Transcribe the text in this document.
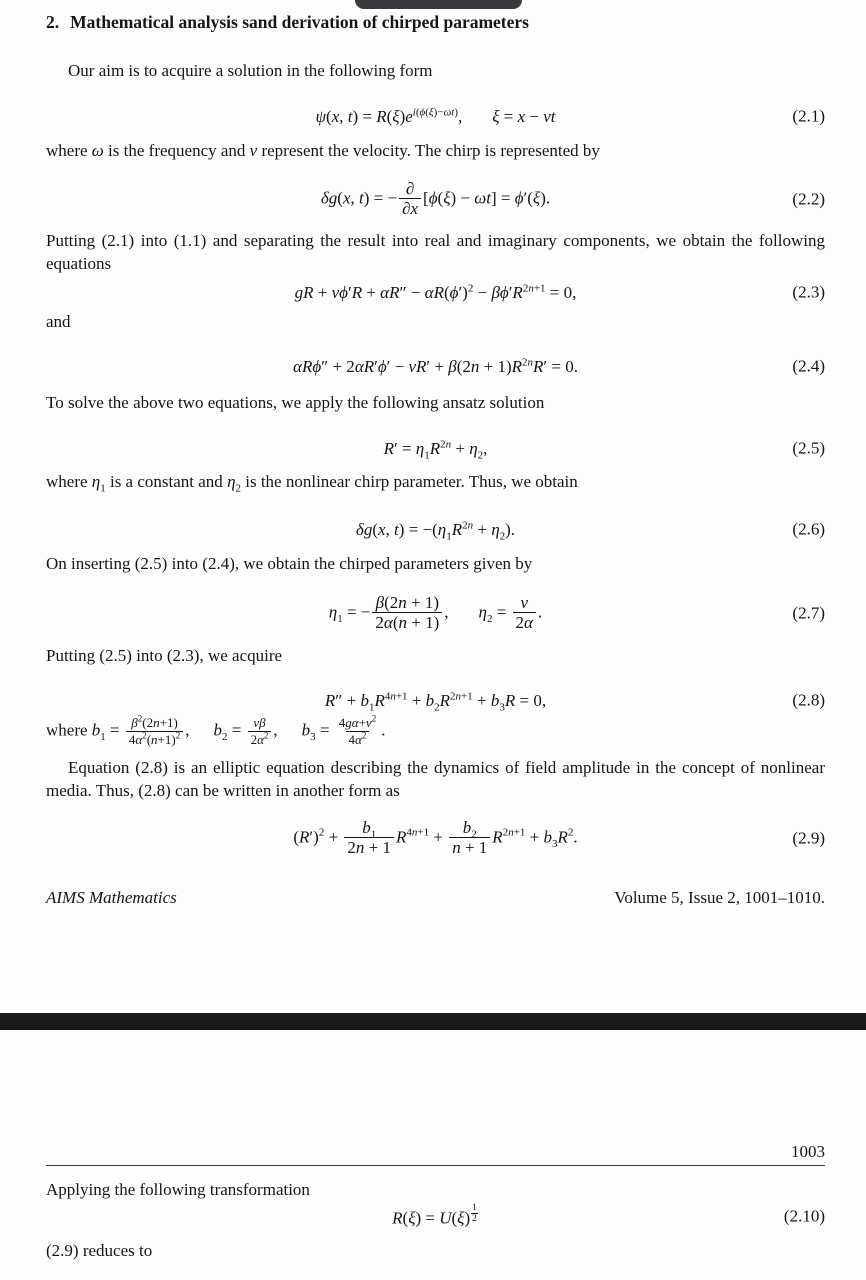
2. Mathematical analysis sand derivation of chirped parameters
Our aim is to acquire a solution in the following form
ψ(x, $t) = R(\xi)e^{i(\phi(\xi)-\omega t)}$, ξ = x − vt	(2.1)
where ω is the frequency and v represent the velocity. The chirp is represented by
δg(x, t) = − $\frac{\partial}{\partial x} [\phi(\xi) - \omega t] = \phi'(\xi)$.	(2.2)
Putting (2.1) into (1.1) and separating the result into real and imaginary components, we obtain the following equations
gR + $v\phi'R + \alpha R'' - \alpha R(\phi')^2 - \beta\phi'R^{2n+1} = 0$,	(2.3)
and
$\alpha R\phi'' + 2\alpha R'\phi' - vR' + \beta(2n + 1)R^{2n}R' = 0$.	(2.4)
To solve the above two equations, we apply the following ansatz solution
$R' = \eta_1R^{2n} + \eta_2$,	(2.5)
where $\eta_1$ is a constant and $\eta_2$ is the nonlinear chirp parameter. Thus, we obtain
δg(x, $t) = -(\eta_1R^{2n} + \eta_2)$.	(2.6)
On inserting (2.5) into (2.4), we obtain the chirped parameters given by
$\eta_1$ = − $\frac{\beta(2n + 1)}{2\alpha(n + 1)}$ , $\eta_2 = \frac{v}{2\alpha}$ .	(2.7)
Putting (2.5) into (2.3), we acquire
$R'' + b_1R^{4n+1} + b_2R^{2n+1} + b_3R = 0$,	(2.8)
where $b_1 = \frac{\beta^2(2n+1)}{4\alpha^2(n+1)^2}$ , $b_2 = \frac{v\beta}{2\alpha^2}$ , $b_3 = \frac{4g\alpha+v^2}{4\alpha^2}$ .
Equation (2.8) is an elliptic equation describing the dynamics of field amplitude in the concept of nonlinear media. Thus, (2.8) can be written in another form as
$(R')^2 + \frac{b_1}{2n + 1} R^{4n+1} + \frac{b_2}{n + 1} R^{2n+1} + b_3R^2$.	(2.9)
AIMS Mathematics	Volume 5, Issue 2, 1001–1010.
1003
Applying the following transformation
R(ξ) = U(ξ) $^{\frac{1}{2}}$	(2.10)
(2.9) reduces to
